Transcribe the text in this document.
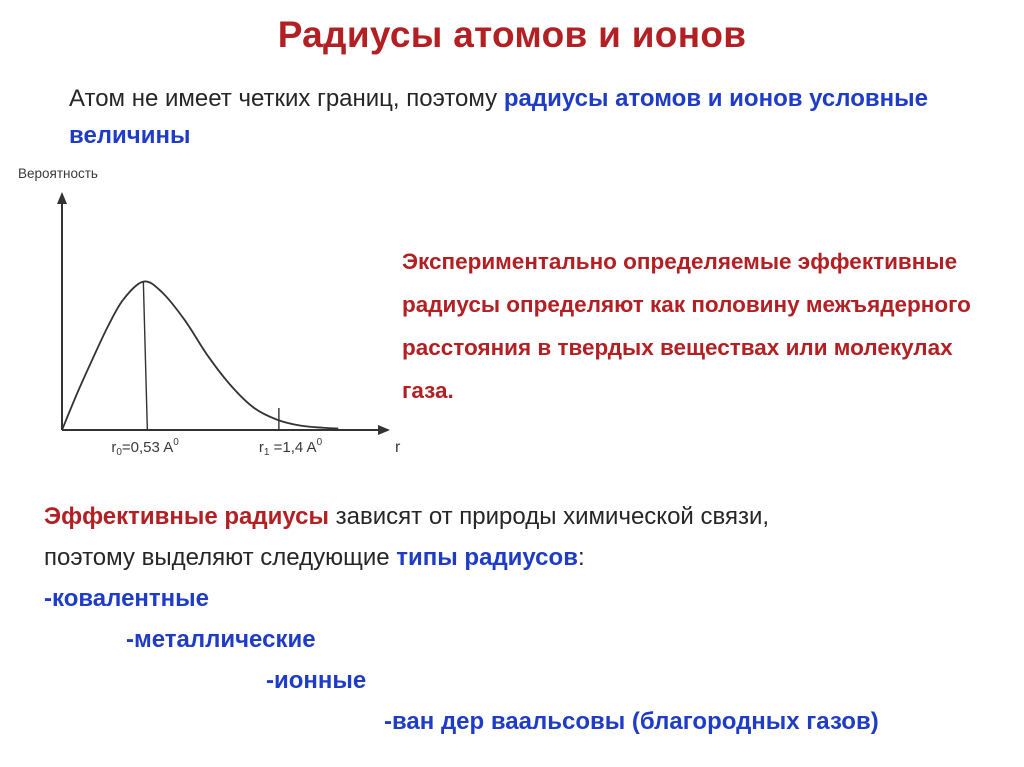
Радиусы атомов и ионов
Атом не имеет четких границ, поэтому радиусы атомов и ионов условные величины
Вероятность
r
$r_0=0,53$ $A^0$	$r_1 =1,4$ $A^0$
Экспериментально определяемые эффективные радиусы определяют как половину межъядерного расстояния в твердых веществах или молекулах газа.
Эффективные радиусы зависят от природы химической связи,
поэтому выделяют следующие типы радиусов:
-ковалентные
-металлические
-ионные
-ван дер ваальсовы (благородных газов)
